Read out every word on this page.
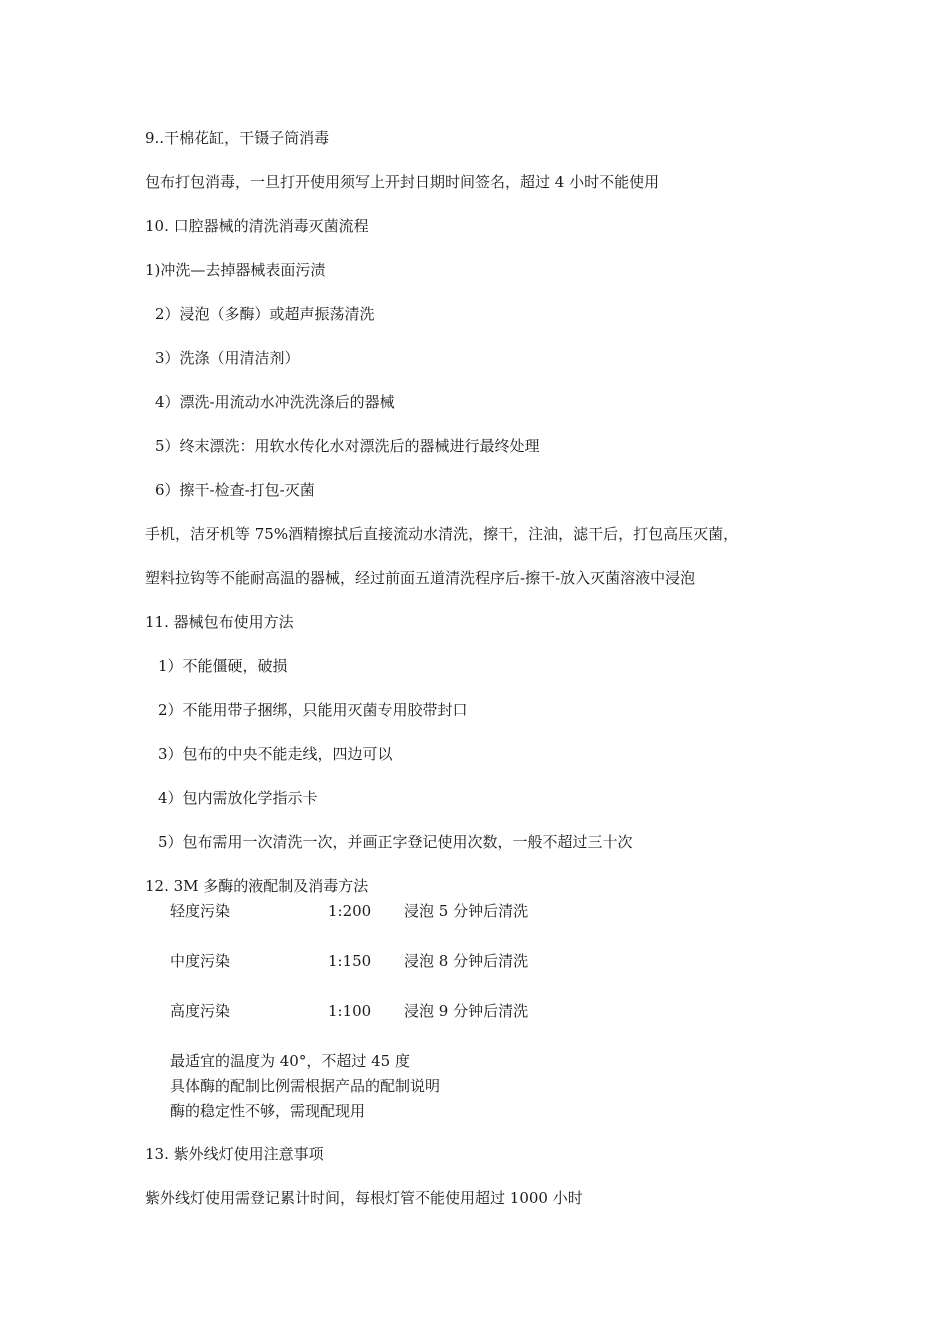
9..干棉花缸，干镊子筒消毒
包布打包消毒，一旦打开使用须写上开封日期时间签名，超过 4 小时不能使用
10. 口腔器械的清洗消毒灭菌流程
1)冲洗—去掉器械表面污渍
2）浸泡（多酶）或超声振荡清洗
3）洗涤（用清洁剂）
4）漂洗-用流动水冲洗洗涤后的器械
5）终末漂洗：用软水传化水对漂洗后的器械进行最终处理
6）擦干-检查-打包-灭菌
手机，洁牙机等 75%酒精擦拭后直接流动水清洗，擦干，注油，滤干后，打包高压灭菌，
塑料拉钩等不能耐高温的器械，经过前面五道清洗程序后-擦干-放入灭菌溶液中浸泡
11. 器械包布使用方法
1）不能僵硬，破损
2）不能用带子捆绑，只能用灭菌专用胶带封口
3）包布的中央不能走线，四边可以
4）包内需放化学指示卡
5）包布需用一次清洗一次，并画正字登记使用次数，一般不超过三十次
12. 3M 多酶的液配制及消毒方法
轻度污染	1:200 浸泡 5 分钟后清洗
中度污染	1:150 浸泡 8 分钟后清洗
高度污染	1:100 浸泡 9 分钟后清洗
最适宜的温度为 40°，不超过 45 度
具体酶的配制比例需根据产品的配制说明
酶的稳定性不够，需现配现用
13. 紫外线灯使用注意事项
紫外线灯使用需登记累计时间，每根灯管不能使用超过 1000 小时
